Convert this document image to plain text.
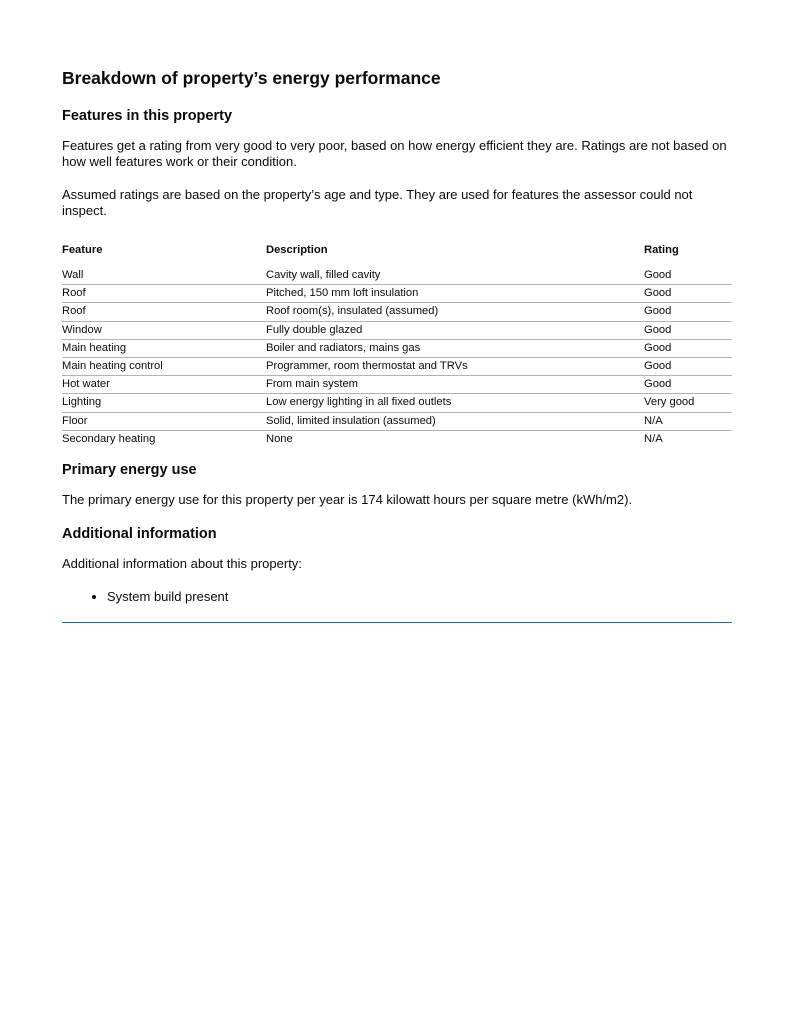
Breakdown of property’s energy performance
Features in this property

Features get a rating from very good to very poor, based on how energy efficient they are. Ratings are not based on how well features work or their condition.

Assumed ratings are based on the property’s age and type. They are used for features the assessor could not inspect.

Feature	Description	Rating
Wall	Cavity wall, filled cavity	Good
Roof	Pitched, 150 mm loft insulation	Good
Roof	Roof room(s), insulated (assumed)	Good
Window	Fully double glazed	Good
Main heating	Boiler and radiators, mains gas	Good
Main heating control	Programmer, room thermostat and TRVs	Good
Hot water	From main system	Good
Lighting	Low energy lighting in all fixed outlets	Very good
Floor	Solid, limited insulation (assumed)	N/A
Secondary heating	None	N/A
Primary energy use

The primary energy use for this property per year is 174 kilowatt hours per square metre (kWh/m2).

Additional information

Additional information about this property:

• System build present
